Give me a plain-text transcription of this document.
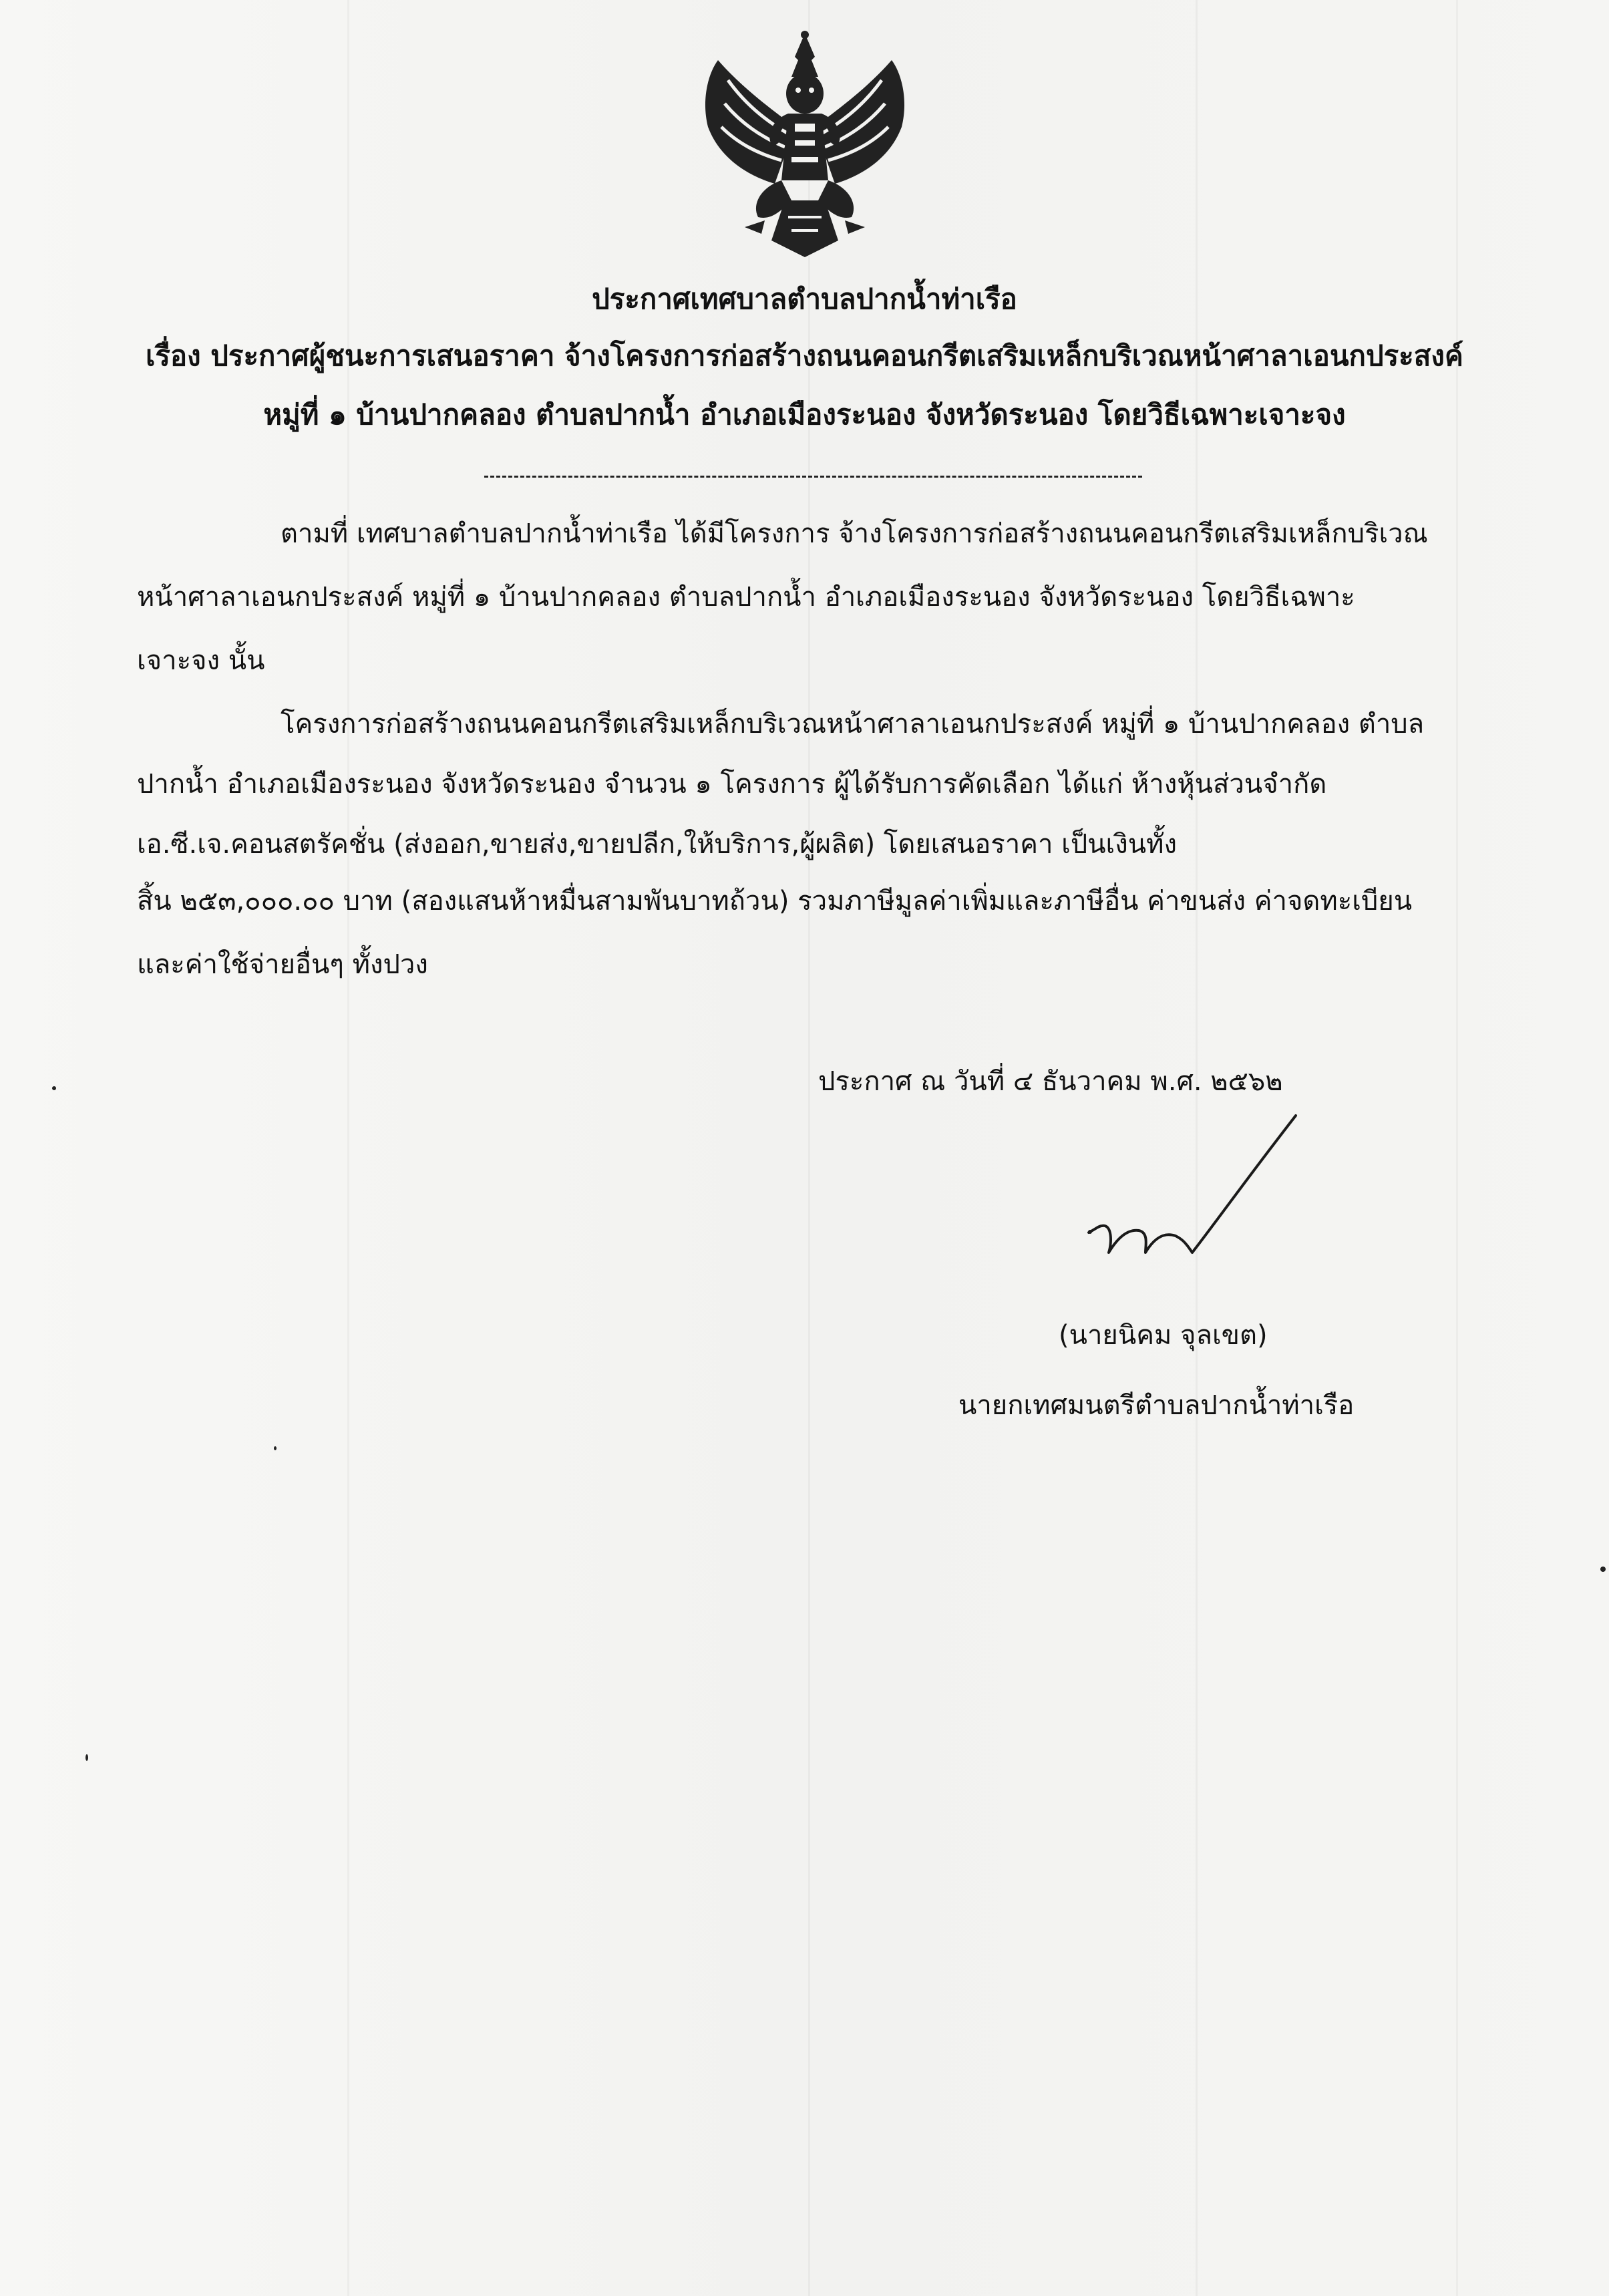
ประกาศเทศบาลตำบลปากน้ำท่าเรือ
เรื่อง ประกาศผู้ชนะการเสนอราคา จ้างโครงการก่อสร้างถนนคอนกรีตเสริมเหล็กบริเวณหน้าศาลาเอนกประสงค์
หมู่ที่ ๑ บ้านปากคลอง ตำบลปากน้ำ อำเภอเมืองระนอง จังหวัดระนอง โดยวิธีเฉพาะเจาะจง
ตามที่ เทศบาลตำบลปากน้ำท่าเรือ ได้มีโครงการ จ้างโครงการก่อสร้างถนนคอนกรีตเสริมเหล็กบริเวณ
หน้าศาลาเอนกประสงค์ หมู่ที่ ๑ บ้านปากคลอง ตำบลปากน้ำ อำเภอเมืองระนอง จังหวัดระนอง โดยวิธีเฉพาะ
เจาะจง นั้น
โครงการก่อสร้างถนนคอนกรีตเสริมเหล็กบริเวณหน้าศาลาเอนกประสงค์ หมู่ที่ ๑ บ้านปากคลอง ตำบล
ปากน้ำ อำเภอเมืองระนอง จังหวัดระนอง จำนวน ๑ โครงการ ผู้ได้รับการคัดเลือก ได้แก่ ห้างหุ้นส่วนจำกัด
เอ.ซี.เจ.คอนสตรัคชั่น (ส่งออก,ขายส่ง,ขายปลีก,ให้บริการ,ผู้ผลิต) โดยเสนอราคา เป็นเงินทั้ง
สิ้น ๒๕๓,๐๐๐.๐๐ บาท (สองแสนห้าหมื่นสามพันบาทถ้วน) รวมภาษีมูลค่าเพิ่มและภาษีอื่น ค่าขนส่ง ค่าจดทะเบียน
และค่าใช้จ่ายอื่นๆ ทั้งปวง
ประกาศ ณ วันที่ ๔ ธันวาคม พ.ศ. ๒๕๖๒
(นายนิคม จุลเขต)
นายกเทศมนตรีตำบลปากน้ำท่าเรือ
